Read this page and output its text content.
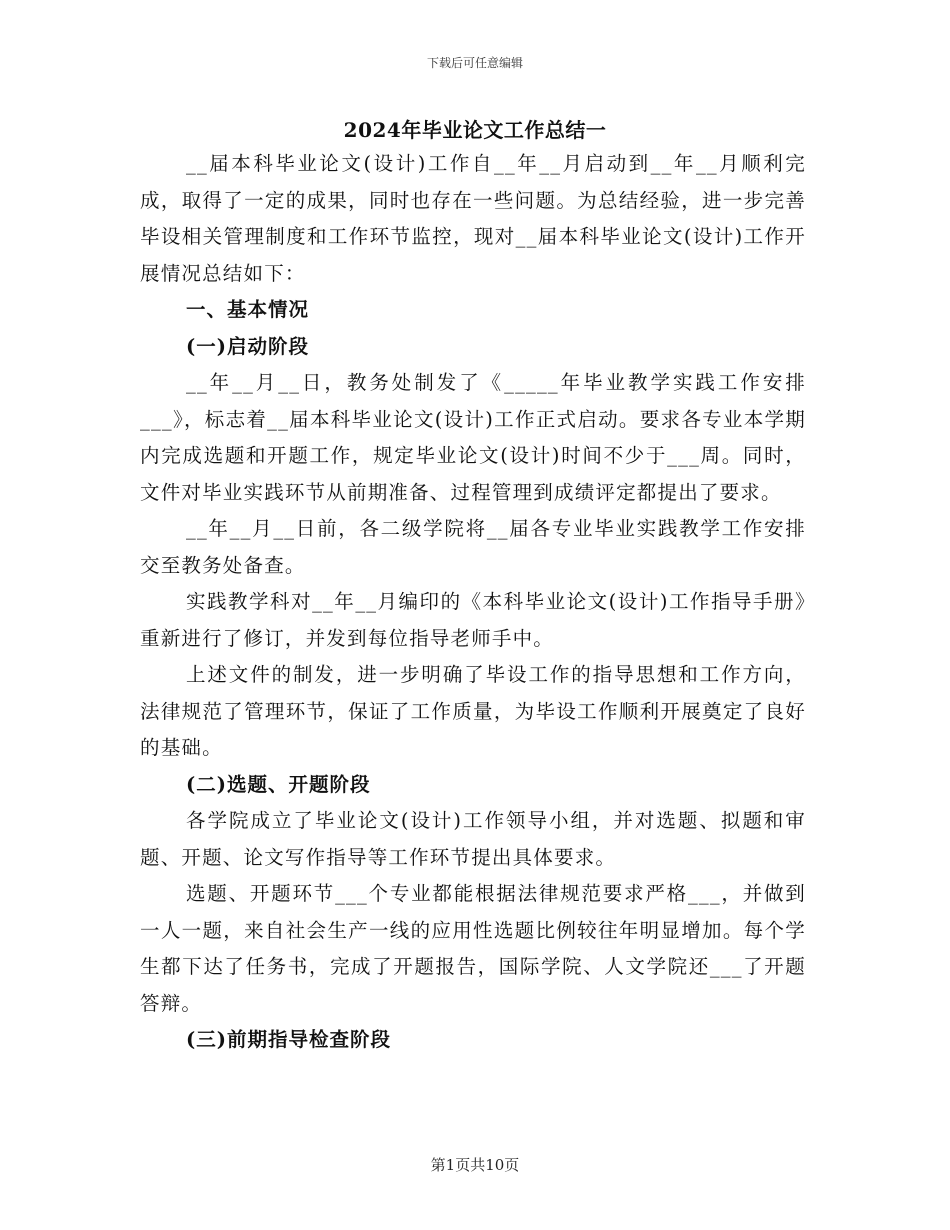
下载后可任意编辑
2024年毕业论文工作总结一

__届本科毕业论文(设计)工作自__年__月启动到__年__月顺利完成，取得了一定的成果，同时也存在一些问题。为总结经验，进一步完善毕设相关管理制度和工作环节监控，现对__届本科毕业论文(设计)工作开展情况总结如下：

一、基本情况

(一)启动阶段

__年__月__日，教务处制发了《_____年毕业教学实践工作安排___》，标志着__届本科毕业论文(设计)工作正式启动。要求各专业本学期内完成选题和开题工作，规定毕业论文(设计)时间不少于___周。同时，文件对毕业实践环节从前期准备、过程管理到成绩评定都提出了要求。

__年__月__日前，各二级学院将__届各专业毕业实践教学工作安排交至教务处备查。

实践教学科对__年__月编印的《本科毕业论文(设计)工作指导手册》重新进行了修订，并发到每位指导老师手中。

上述文件的制发，进一步明确了毕设工作的指导思想和工作方向，法律规范了管理环节，保证了工作质量，为毕设工作顺利开展奠定了良好的基础。

(二)选题、开题阶段

各学院成立了毕业论文(设计)工作领导小组，并对选题、拟题和审题、开题、论文写作指导等工作环节提出具体要求。

选题、开题环节___个专业都能根据法律规范要求严格___，并做到一人一题，来自社会生产一线的应用性选题比例较往年明显增加。每个学生都下达了任务书，完成了开题报告，国际学院、人文学院还___了开题答辩。

(三)前期指导检查阶段

第1页共10页
